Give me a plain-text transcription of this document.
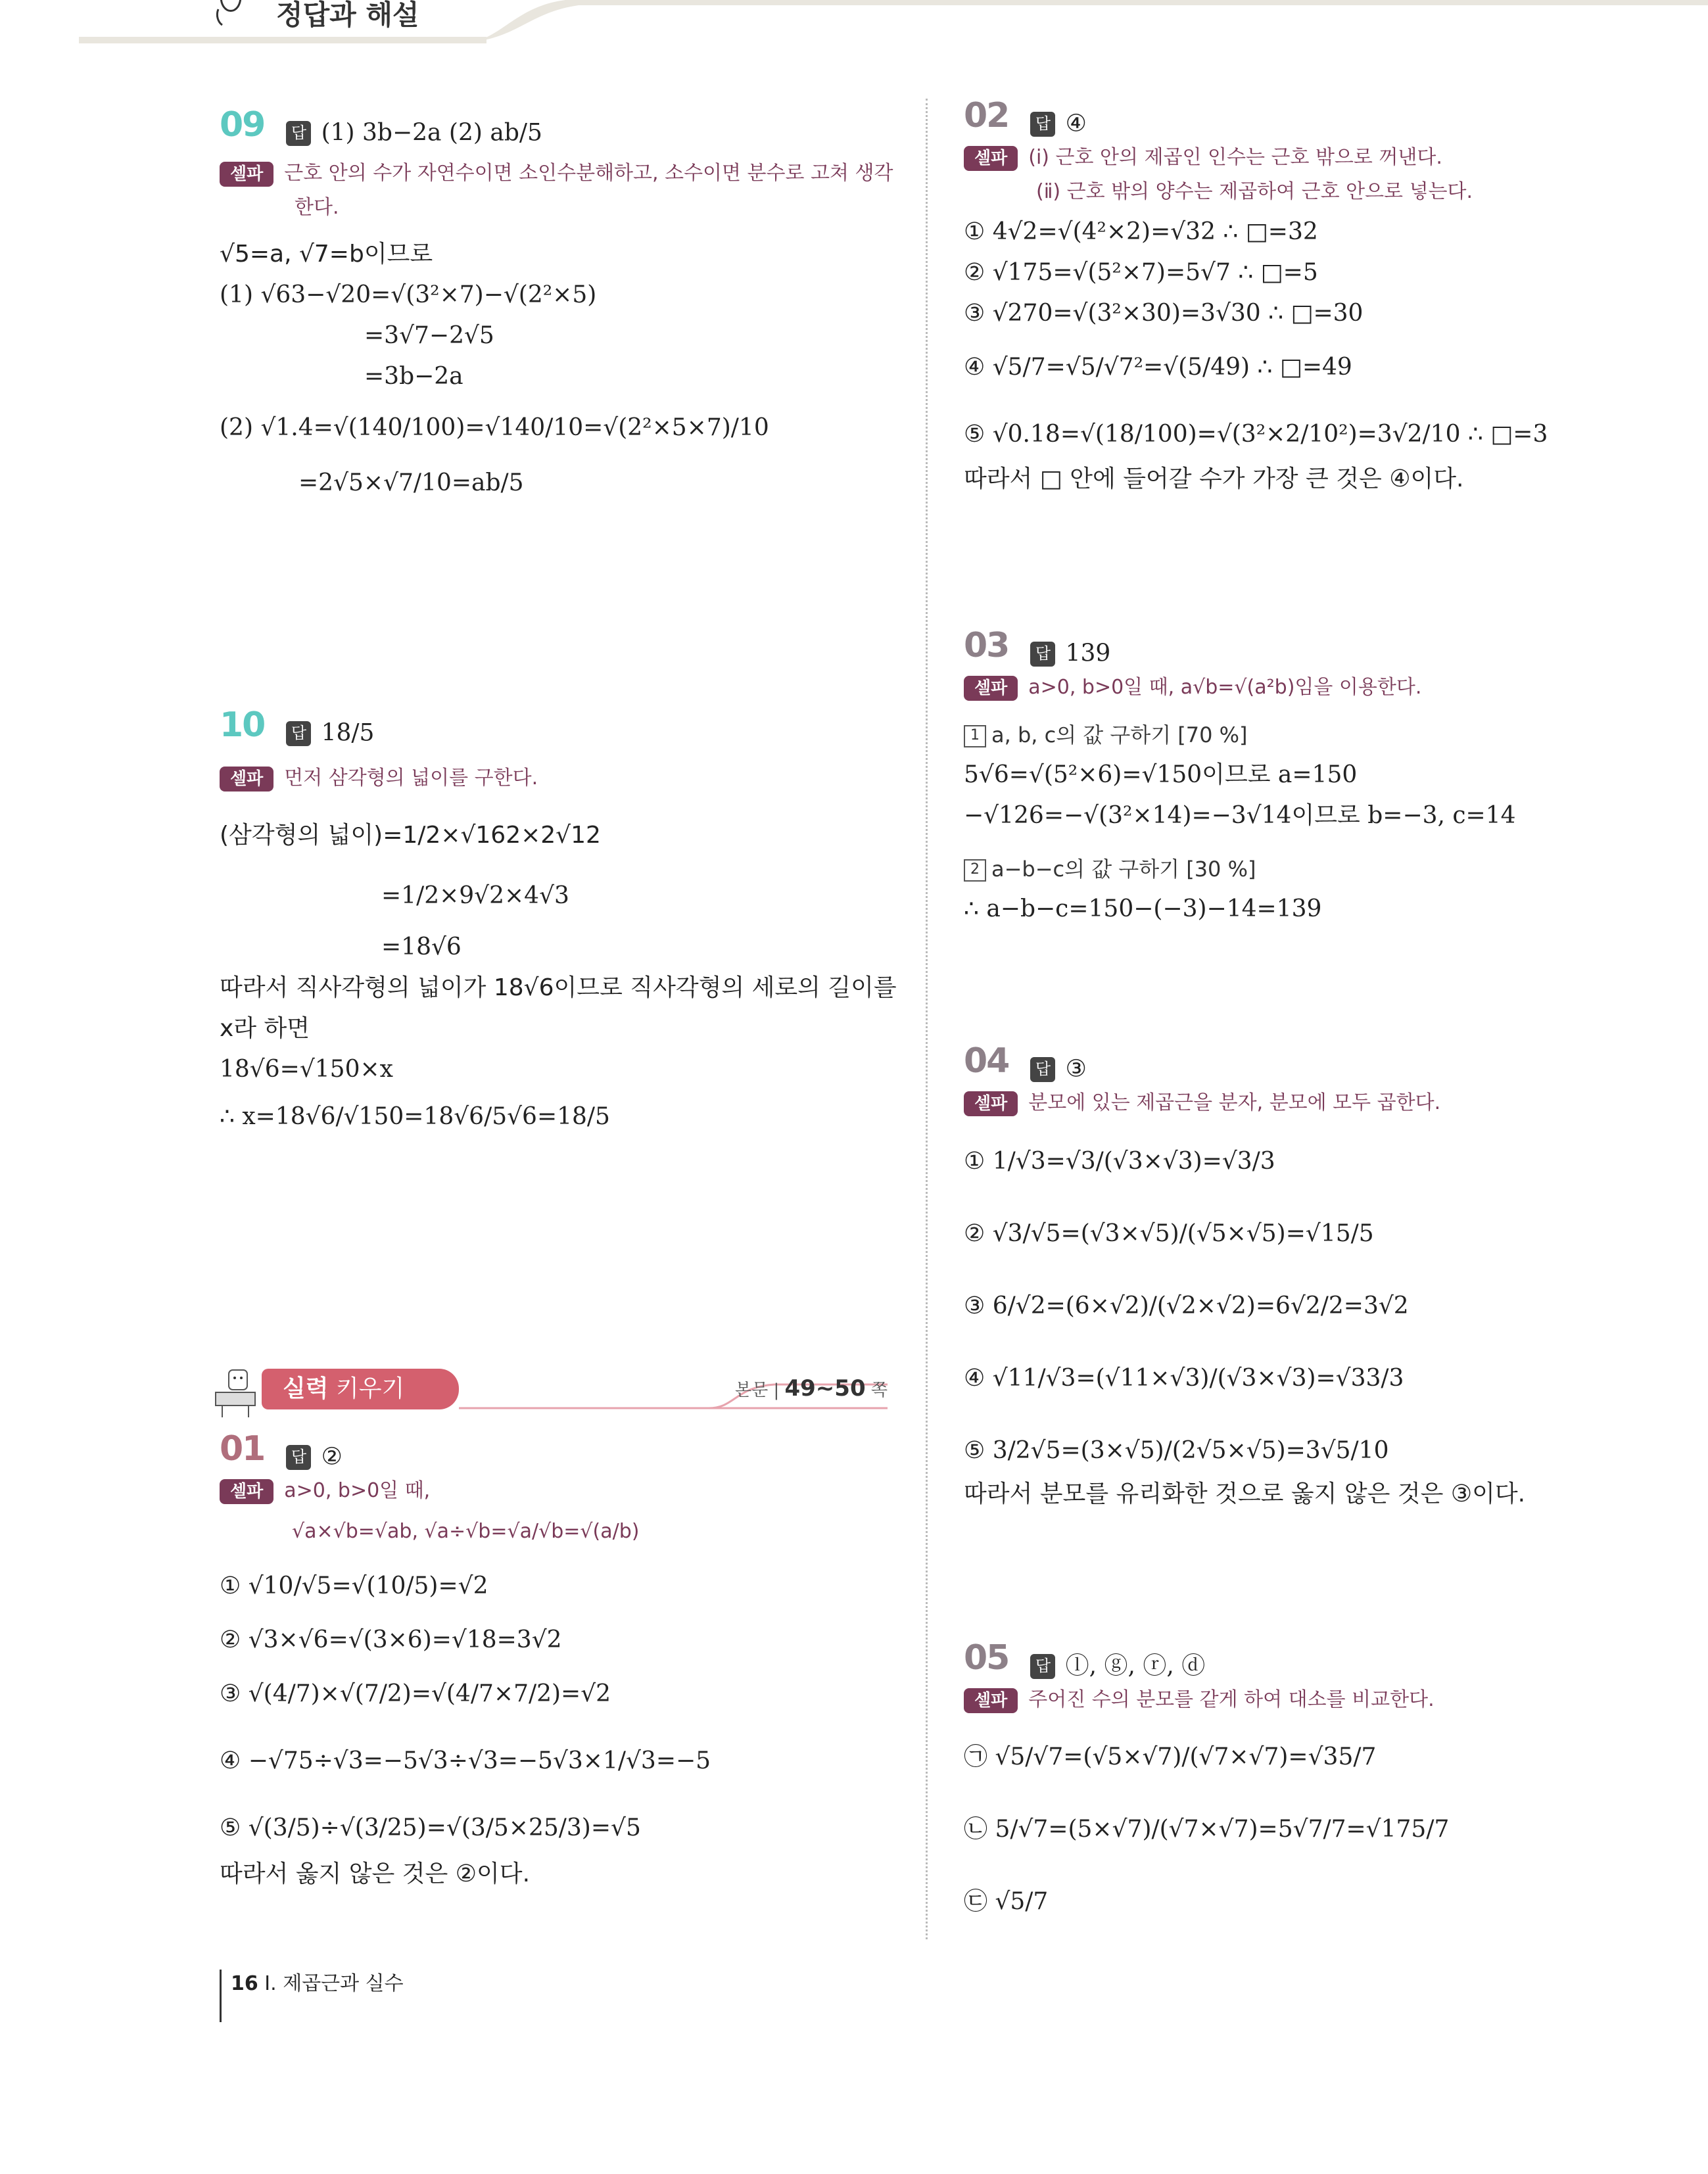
정답과 해설
09 답 (1) 3b−2a (2) ab/5
셀파 근호 안의 수가 자연수이면 소인수분해하고, 소수이면 분수로 고쳐 생각
한다.
√5=a, √7=b이므로
(1) √63−√20=√(3²×7)−√(2²×5)
=3√7−2√5
=3b−2a
(2) √1.4=√(140/100)=√140/10=√(2²×5×7)/10
=2√5×√7/10=ab/5
10 답 18/5
셀파 먼저 삼각형의 넓이를 구한다.
(삼각형의 넓이)=1/2×√162×2√12
=1/2×9√2×4√3
=18√6
따라서 직사각형의 넓이가 18√6이므로 직사각형의 세로의 길이를
x라 하면
18√6=√150×x
∴ x=18√6/√150=18√6/5√6=18/5
실력 키우기	본문 | 49~50 쪽
01 답 ②
셀파 a>0, b>0일 때,
√a×√b=√ab, √a÷√b=√a/√b=√(a/b)
① √10/√5=√(10/5)=√2
② √3×√6=√(3×6)=√18=3√2
③ √(4/7)×√(7/2)=√(4/7×7/2)=√2
④ −√75÷√3=−5√3÷√3=−5√3×1/√3=−5
⑤ √(3/5)÷√(3/25)=√(3/5×25/3)=√5
따라서 옳지 않은 것은 ②이다.
02 답 ④
셀파 (ⅰ) 근호 안의 제곱인 인수는 근호 밖으로 꺼낸다.
(ⅱ) 근호 밖의 양수는 제곱하여 근호 안으로 넣는다.
① 4√2=√(4²×2)=√32 ∴ □=32
② √175=√(5²×7)=5√7 ∴ □=5
③ √270=√(3²×30)=3√30 ∴ □=30
④ √5/7=√5/√7²=√(5/49) ∴ □=49
⑤ √0.18=√(18/100)=√(3²×2/10²)=3√2/10 ∴ □=3
따라서 □ 안에 들어갈 수가 가장 큰 것은 ④이다.
03 답 139
셀파 a>0, b>0일 때, a√b=√(a²b)임을 이용한다.
1 a, b, c의 값 구하기 [70 %]
5√6=√(5²×6)=√150이므로 a=150
−√126=−√(3²×14)=−3√14이므로 b=−3, c=14
2 a−b−c의 값 구하기 [30 %]
∴ a−b−c=150−(−3)−14=139
04 답 ③
셀파 분모에 있는 제곱근을 분자, 분모에 모두 곱한다.
① 1/√3=√3/(√3×√3)=√3/3
② √3/√5=(√3×√5)/(√5×√5)=√15/5
③ 6/√2=(6×√2)/(√2×√2)=6√2/2=3√2
④ √11/√3=(√11×√3)/(√3×√3)=√33/3
⑤ 3/2√5=(3×√5)/(2√5×√5)=3√5/10
따라서 분모를 유리화한 것으로 옳지 않은 것은 ③이다.
05 답 ⓛ, ⓖ, ⓡ, ⓓ
셀파 주어진 수의 분모를 같게 하여 대소를 비교한다.
㉠ √5/√7=(√5×√7)/(√7×√7)=√35/7
㉡ 5/√7=(5×√7)/(√7×√7)=5√7/7=√175/7
㉢ √5/7
16 I. 제곱근과 실수
